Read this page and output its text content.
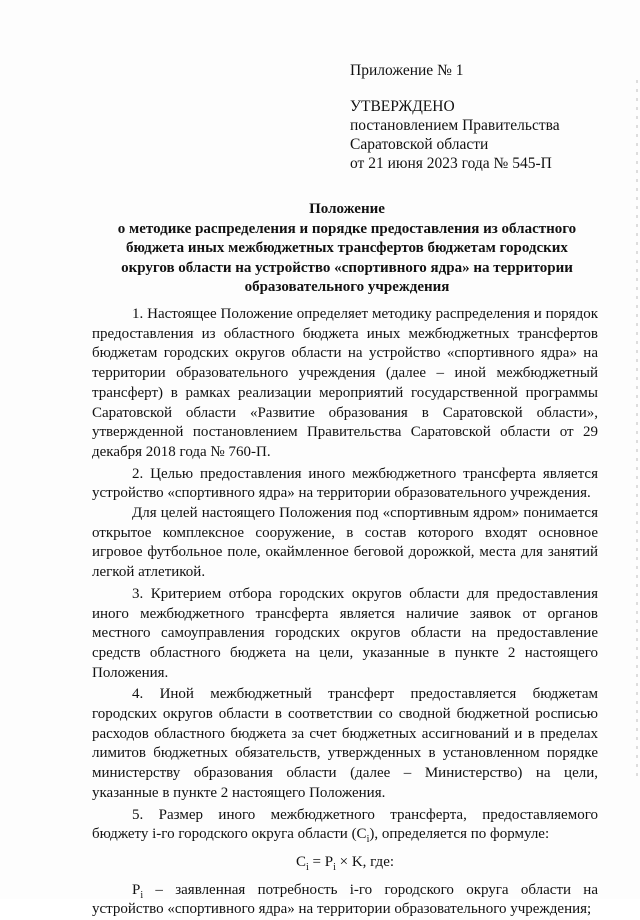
Приложение № 1
УТВЕРЖДЕНО
постановлением Правительства
Саратовской области
от 21 июня 2023 года № 545-П
Положение
о методике распределения и порядке предоставления из областного
бюджета иных межбюджетных трансфертов бюджетам городских
округов области на устройство «спортивного ядра» на территории
образовательного учреждения

1. Настоящее Положение определяет методику распределения и порядок предоставления из областного бюджета иных межбюджетных трансфертов бюджетам городских округов области на устройство «спортивного ядра» на территории образовательного учреждения (далее – иной межбюджетный трансферт) в рамках реализации мероприятий государственной программы Саратовской области «Развитие образования в Саратовской области», утвержденной постановлением Правительства Саратовской области от 29 декабря 2018 года № 760-П.

2. Целью предоставления иного межбюджетного трансферта является устройство «спортивного ядра» на территории образовательного учреждения.

Для целей настоящего Положения под «спортивным ядром» понимается открытое комплексное сооружение, в состав которого входят основное игровое футбольное поле, окаймленное беговой дорожкой, места для занятий легкой атлетикой.

3. Критерием отбора городских округов области для предоставления иного межбюджетного трансферта является наличие заявок от органов местного самоуправления городских округов области на предоставление средств областного бюджета на цели, указанные в пункте 2 настоящего Положения.

4. Иной межбюджетный трансферт предоставляется бюджетам городских округов области в соответствии со сводной бюджетной росписью расходов областного бюджета за счет бюджетных ассигнований и в пределах лимитов бюджетных обязательств, утвержденных в установленном порядке министерству образования области (далее – Министерство) на цели, указанные в пункте 2 настоящего Положения.

5. Размер иного межбюджетного трансферта, предоставляемого бюджету i-го городского округа области $(C_i)$, определяется по формуле:

$C_i = P_i \times K$, где:

$P_i$ – заявленная потребность i-го городского округа области на устройство «спортивного ядра» на территории образовательного учреждения;
